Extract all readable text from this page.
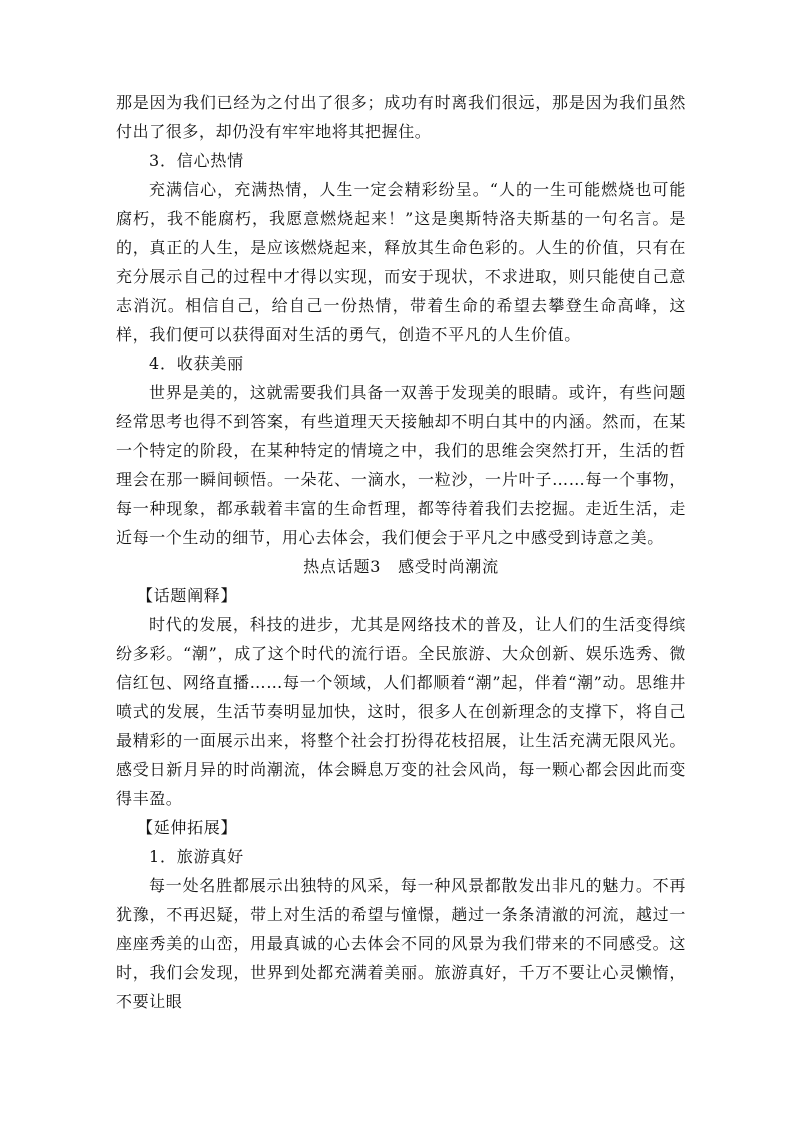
那是因为我们已经为之付出了很多；成功有时离我们很远，那是因为我们虽然付出了很多，却仍没有牢牢地将其把握住。

3．信心热情

充满信心，充满热情，人生一定会精彩纷呈。“人的一生可能燃烧也可能腐朽，我不能腐朽，我愿意燃烧起来！”这是奥斯特洛夫斯基的一句名言。是的，真正的人生，是应该燃烧起来，释放其生命色彩的。人生的价值，只有在充分展示自己的过程中才得以实现，而安于现状，不求进取，则只能使自己意志消沉。相信自己，给自己一份热情，带着生命的希望去攀登生命高峰，这样，我们便可以获得面对生活的勇气，创造不平凡的人生价值。

4．收获美丽

世界是美的，这就需要我们具备一双善于发现美的眼睛。或许，有些问题经常思考也得不到答案，有些道理天天接触却不明白其中的内涵。然而，在某一个特定的阶段，在某种特定的情境之中，我们的思维会突然打开，生活的哲理会在那一瞬间顿悟。一朵花、一滴水，一粒沙，一片叶子……每一个事物，每一种现象，都承载着丰富的生命哲理，都等待着我们去挖掘。走近生活，走近每一个生动的细节，用心去体会，我们便会于平凡之中感受到诗意之美。

热点话题3　感受时尚潮流

【话题阐释】

时代的发展，科技的进步，尤其是网络技术的普及，让人们的生活变得缤纷多彩。“潮”，成了这个时代的流行语。全民旅游、大众创新、娱乐选秀、微信红包、网络直播……每一个领域，人们都顺着“潮”起，伴着“潮”动。思维井喷式的发展，生活节奏明显加快，这时，很多人在创新理念的支撑下，将自己最精彩的一面展示出来，将整个社会打扮得花枝招展，让生活充满无限风光。感受日新月异的时尚潮流，体会瞬息万变的社会风尚，每一颗心都会因此而变得丰盈。

【延伸拓展】

1．旅游真好

每一处名胜都展示出独特的风采，每一种风景都散发出非凡的魅力。不再犹豫，不再迟疑，带上对生活的希望与憧憬，趟过一条条清澈的河流，越过一座座秀美的山峦，用最真诚的心去体会不同的风景为我们带来的不同感受。这时，我们会发现，世界到处都充满着美丽。旅游真好，千万不要让心灵懒惰，不要让眼
